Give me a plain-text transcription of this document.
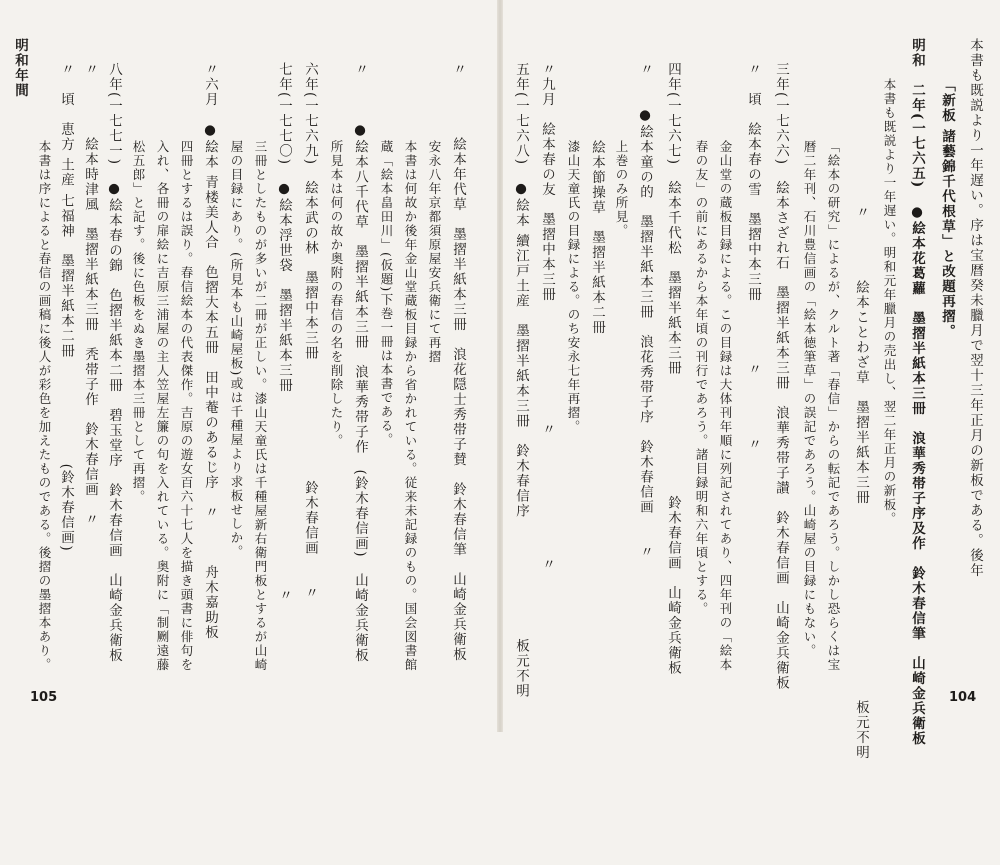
本書も既説より一年遅い。序は宝暦癸未臘月で翌十三年正月の新板である。後年
「新板 諸藝錦千代根草」と改題再摺。
明和　二年(一七六五)　●絵本花葛蘿　墨摺半紙本三冊　浪華秀帯子序及作　鈴木春信筆　山崎金兵衛板
本書も既説より一年遅い。明和元年臘月の売出し、翌二年正月の新板。
〃　　　　絵本ことわざ草　墨摺半紙本三冊　　　　　　　　　　　　　板元不明
「絵本の研究」によるが、クルト著「春信」からの転記であろう。しかし恐らくは宝
暦二年刊、石川豊信画の「絵本徳筆草」の誤記であろう。山崎屋の目録にもない。
三年(一七六六)　絵本さざれ石　墨摺半紙本三冊　浪華秀帯子讃　鈴木春信画　山崎金兵衛板
〃　頃　絵本春の雪　墨摺中本三冊　　　　〃　　　　〃
金山堂の蔵板目録による。この目録は大体刊年順に列記されてあり、四年刊の「絵本
春の友」の前にあるから本年頃の刊行であろう。諸目録明和六年頃とする。
四年(一七六七)　絵本千代松　墨摺半紙本三冊　　　　　　　　鈴木春信画　山崎金兵衛板
〃　　●絵本童の的　墨摺半紙本三冊　浪花秀帯子序　鈴木春信画　　〃
上巻のみ所見。
絵本節操草　墨摺半紙本二冊
漆山天童氏の目録による。のち安永七年再摺。
〃九月　絵本春の友　墨摺中本三冊　　　　　　　　〃　　　　　　　　〃
五年(一七六八)　●絵本 續江戸土産　墨摺半紙本三冊　鈴木春信序　　　　　　　　板元不明	104
〃　　　　絵本年代草　墨摺半紙本三冊　浪花隠士秀帯子賛　鈴木春信筆　山崎金兵衛板
安永八年京都須原屋安兵衛にて再摺
本書は何故か後年金山堂蔵板目録から省かれている。従来未記録のもの。国会図書館
蔵「絵本畠田川」(仮題)下巻一冊は本書である。
〃　　　●絵本八千代草　墨摺半紙本三冊　浪華秀帯子作　(鈴木春信画)　山崎金兵衛板
所見本は何の故か奥附の春信の名を削除したり。
六年(一七六九)　絵本武の林　墨摺中本三冊　　　　　　　　鈴木春信画　　〃
七年(一七七〇)　●絵本浮世袋　墨摺半紙本三冊　　　　　　　　　　　　　〃
三冊としたものが多いが二冊が正しい。漆山天童氏は千種屋新右衛門板とするが山崎
屋の目録にあり。(所見本も山崎屋板)或は千種屋より求板せしか。
〃六月　●絵本 青楼美人合　色摺大本五冊　田中菴のあるじ序　〃　　　舟木嘉助板
四冊とするは誤り。春信絵本の代表傑作。吉原の遊女百六十七人を描き頭書に俳句を
入れ、各冊の扉絵に吉原三浦屋の主人笠屋左簾の句を入れている。奥附に「制劂遠藤
松五郎」と記す。後に色板をぬき墨摺本三冊として再摺。
八年(一七七一)　●絵本春の錦　色摺半紙本二冊　碧玉堂序　鈴木春信画　山崎金兵衛板
〃　　　　絵本時津風　墨摺半紙本三冊　秃帯子作　鈴木春信画　〃
〃　頃　恵方 土産 七福神　墨摺半紙本二冊　　　　　　　(鈴木春信画)
本書は序によると春信の画稿に後人が彩色を加えたものである。後摺の墨摺本あり。
明和年間
105
